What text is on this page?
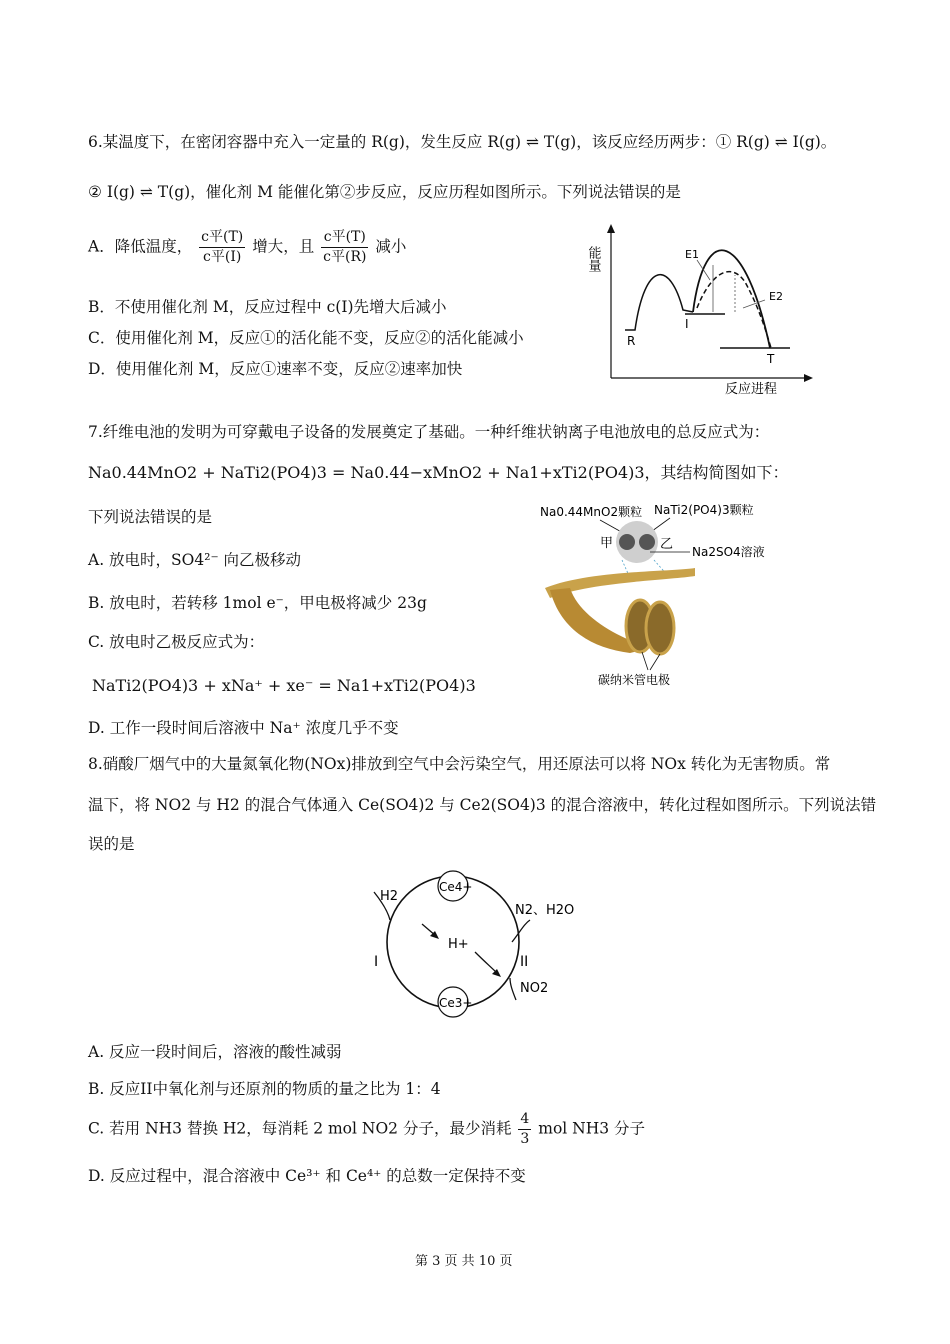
6.某温度下，在密闭容器中充入一定量的 R(g)，发生反应 R(g) ⇌ T(g)，该反应经历两步：① R(g) ⇌ I(g)。
② I(g) ⇌ T(g)，催化剂 M 能催化第②步反应，反应历程如图所示。下列说法错误的是
A．降低温度， $\frac{\text{c平(T)}}{\text{c平(I)}}$ 增大，且 $\frac{\text{c平(T)}}{\text{c平(R)}}$ 减小
B．不使用催化剂 M，反应过程中 c(I)先增大后减小
C．使用催化剂 M，反应①的活化能不变，反应②的活化能减小
D．使用催化剂 M，反应①速率不变，反应②速率加快
能量
反应进程
R
I
T
E1
E2
7.纤维电池的发明为可穿戴电子设备的发展奠定了基础。一种纤维状钠离子电池放电的总反应式为：
Na0.44MnO2 + NaTi2(PO4)3 = Na0.44−xMnO2 + Na1+xTi2(PO4)3，其结构简图如下：
下列说法错误的是
A. 放电时，SO4²⁻ 向乙极移动
B. 放电时，若转移 1mol e⁻，甲电极将减少 23g
C. 放电时乙极反应式为：
NaTi2(PO4)3 + xNa⁺ + xe⁻ = Na1+xTi2(PO4)3
D. 工作一段时间后溶液中 Na⁺ 浓度几乎不变
Na0.44MnO2颗粒 NaTi2(PO4)3颗粒
甲	乙 Na2SO4溶液
碳纳米管电极
8.硝酸厂烟气中的大量氮氧化物(NOx)排放到空气中会污染空气，用还原法可以将 NOx 转化为无害物质。常
温下，将 NO2 与 H2 的混合气体通入 Ce(SO4)2 与 Ce2(SO4)3 的混合溶液中，转化过程如图所示。下列说法错
误的是
Ce4+
Ce3+
H2
H+
N2、H2O
NO2
I	II
A. 反应一段时间后，溶液的酸性减弱
B. 反应II中氧化剂与还原剂的物质的量之比为 1：4
C. 若用 NH3 替换 H2，每消耗 2 mol NO2 分子，最少消耗 $\frac{4}{3}$ mol NH3 分子
D. 反应过程中，混合溶液中 Ce³⁺ 和 Ce⁴⁺ 的总数一定保持不变
第 3 页 共 10 页
